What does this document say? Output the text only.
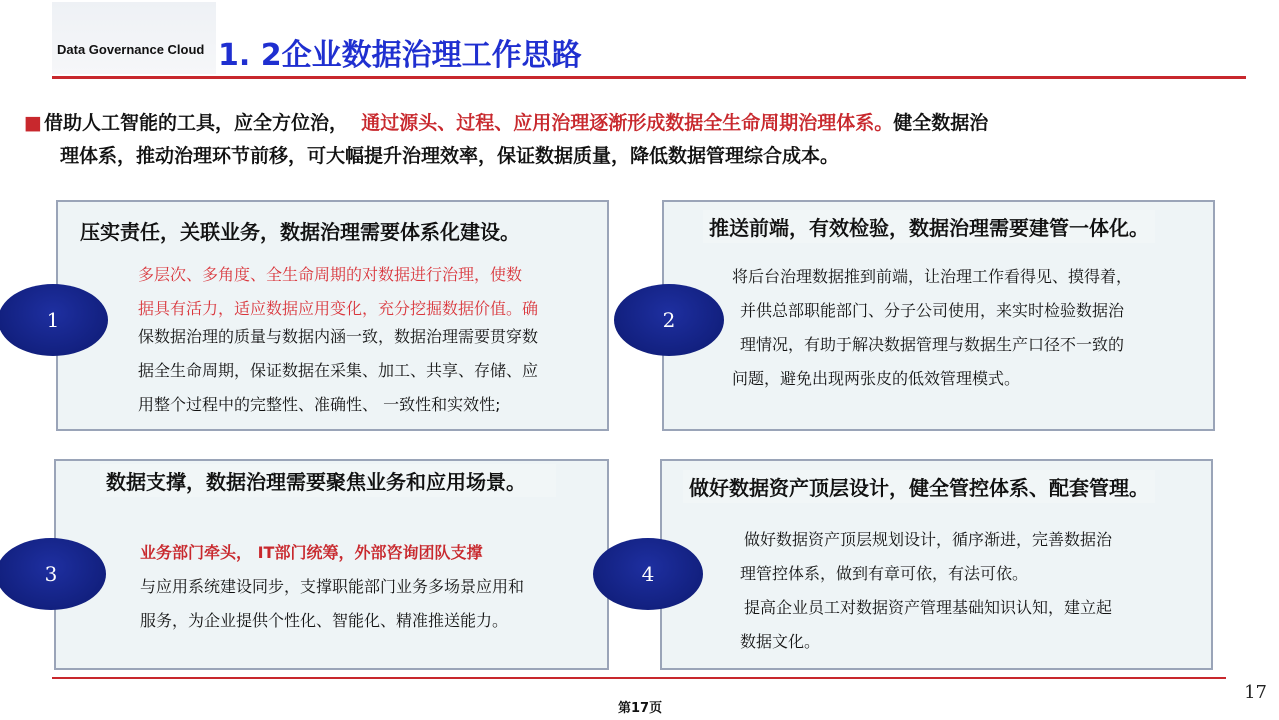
Data Governance Cloud 1. 2企业数据治理工作思路
■ 借助人工智能的工具，应全方位治， 通过源头、过程、应用治理逐渐形成数据全生命周期治理体系。健全数据治
理体系，推动治理环节前移，可大幅提升治理效率，保证数据质量，降低数据管理综合成本。
压实责任，关联业务，数据治理需要体系化建设。

多层次、多角度、全生命周期的对数据进行治理，使数

据具有活力，适应数据应用变化，充分挖掘数据价值。确

保数据治理的质量与数据内涵一致，数据治理需要贯穿数

据全生命周期，保证数据在采集、加工、共享、存储、应

用整个过程中的完整性、准确性、 一致性和实效性;

1
推送前端，有效检验，数据治理需要建管一体化。

将后台治理数据推到前端，让治理工作看得见、摸得着，

并供总部职能部门、分子公司使用，来实时检验数据治

理情况，有助于解决数据管理与数据生产口径不一致的

问题，避免出现两张皮的低效管理模式。

2
数据支撑，数据治理需要聚焦业务和应用场景。

业务部门牵头， IT部门统筹，外部咨询团队支撑

与应用系统建设同步，支撑职能部门业务多场景应用和

服务，为企业提供个性化、智能化、精准推送能力。

3
做好数据资产顶层设计，健全管控体系、配套管理。

做好数据资产顶层规划设计，循序渐进，完善数据治

理管控体系，做到有章可依，有法可依。

提高企业员工对数据资产管理基础知识认知，建立起

数据文化。

4
17
第17页
